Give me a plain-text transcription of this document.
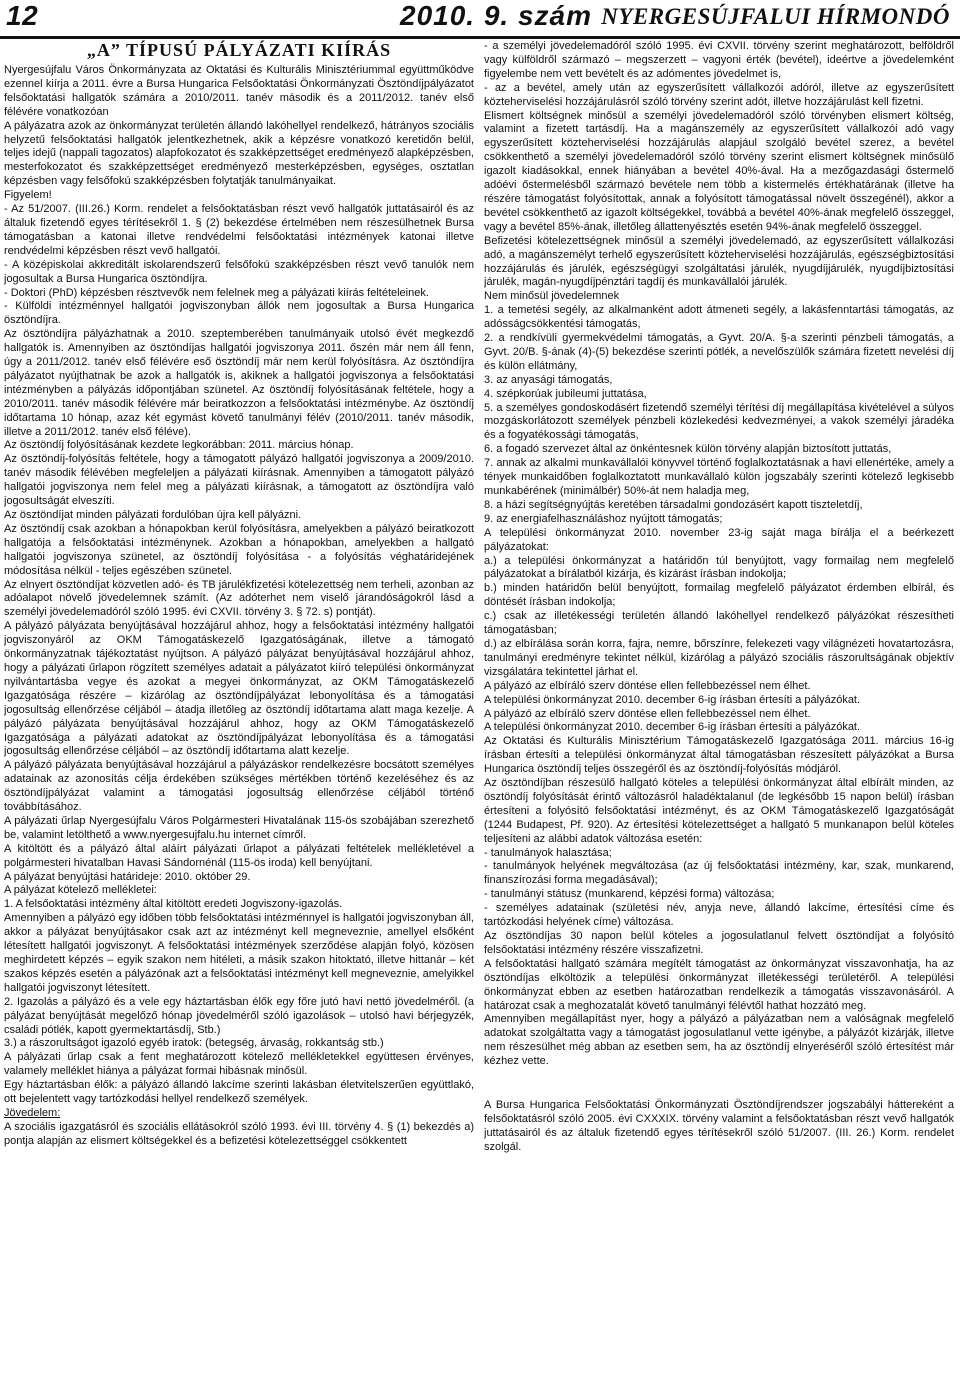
12	2010. 9. szám NYERGESÚJFALUI HÍRMONDÓ
„A” TÍPUSÚ PÁLYÁZATI KIÍRÁS

Nyergesújfalu Város Önkormányzata az Oktatási és Kulturális Minisztériummal együttműködve ezennel kiírja a 2011. évre a Bursa Hungarica Felsőoktatási Önkormányzati Ösztöndíjpályázatot felsőoktatási hallgatók számára a 2010/2011. tanév második és a 2011/2012. tanév első félévére vonatkozóan

A pályázatra azok az önkormányzat területén állandó lakóhellyel rendelkező, hátrányos szociális helyzetű felsőoktatási hallgatók jelentkezhetnek, akik a képzésre vonatkozó keretidőn belül, teljes idejű (nappali tagozatos) alapfokozatot és szakképzettséget eredményező alapképzésben, mesterfokozatot és szakképzettséget eredményező mesterképzésben, egységes, osztatlan képzésben vagy felsőfokú szakképzésben folytatják tanulmányaikat.

Figyelem!

- Az 51/2007. (III.26.) Korm. rendelet a felsőoktatásban részt vevő hallgatók juttatásairól és az általuk fizetendő egyes térítésekről 1. § (2) bekezdése értelmében nem részesülhetnek Bursa támogatásban a katonai illetve rendvédelmi felsőoktatási intézmények katonai illetve rendvédelmi képzésben részt vevő hallgatói.

- A középiskolai akkreditált iskolarendszerű felsőfokú szakképzésben részt vevő tanulók nem jogosultak a Bursa Hungarica ösztöndíjra.

- Doktori (PhD) képzésben résztvevők nem felelnek meg a pályázati kiírás feltételeinek.

- Külföldi intézménnyel hallgatói jogviszonyban állók nem jogosultak a Bursa Hungarica ösztöndíjra.

Az ösztöndíjra pályázhatnak a 2010. szeptemberében tanulmányaik utolsó évét megkezdő hallgatók is. Amennyiben az ösztöndíjas hallgatói jogviszonya 2011. őszén már nem áll fenn, úgy a 2011/2012. tanév első félévére eső ösztöndíj már nem kerül folyósításra. Az ösztöndíjra pályázatot nyújthatnak be azok a hallgatók is, akiknek a hallgatói jogviszonya a felsőoktatási intézményben a pályázás időpontjában szünetel. Az ösztöndíj folyósításának feltétele, hogy a 2010/2011. tanév második félévére már beiratkozzon a felsőoktatási intézménybe. Az ösztöndíj időtartama 10 hónap, azaz két egymást követő tanulmányi félév (2010/2011. tanév második, illetve a 2011/2012. tanév első féléve).

Az ösztöndíj folyósításának kezdete legkorábban: 2011. március hónap.

Az ösztöndíj-folyósítás feltétele, hogy a támogatott pályázó hallgatói jogviszonya a 2009/2010. tanév második félévében megfeleljen a pályázati kiírásnak. Amennyiben a támogatott pályázó hallgatói jogviszonya nem felel meg a pályázati kiírásnak, a támogatott az ösztöndíjra való jogosultságát elveszíti.

Az ösztöndíjat minden pályázati fordulóban újra kell pályázni.

Az ösztöndíj csak azokban a hónapokban kerül folyósításra, amelyekben a pályázó beiratkozott hallgatója a felsőoktatási intézménynek. Azokban a hónapokban, amelyekben a hallgató hallgatói jogviszonya szünetel, az ösztöndíj folyósítása - a folyósítás véghatáridejének módosítása nélkül - teljes egészében szünetel.

Az elnyert ösztöndíjat közvetlen adó- és TB járulékfizetési kötelezettség nem terheli, azonban az adóalapot növelő jövedelemnek számít. (Az adóterhet nem viselő járandóságokról lásd a személyi jövedelemadóról szóló 1995. évi CXVII. törvény 3. § 72. s) pontját).

A pályázó pályázata benyújtásával hozzájárul ahhoz, hogy a felsőoktatási intézmény hallgatói jogviszonyáról az OKM Támogatáskezelő Igazgatóságának, illetve a támogató önkormányzatnak tájékoztatást nyújtson. A pályázó pályázat benyújtásával hozzájárul ahhoz, hogy a pályázati űrlapon rögzített személyes adatait a pályázatot kiíró települési önkormányzat nyilvántartásba vegye és azokat a megyei önkormányzat, az OKM Támogatáskezelő Igazgatósága részére – kizárólag az ösztöndíjpályázat lebonyolítása és a támogatási jogosultság ellenőrzése céljából – átadja illetőleg az ösztöndíj időtartama alatt maga kezelje. A pályázó pályázata benyújtásával hozzájárul ahhoz, hogy az OKM Támogatáskezelő Igazgatósága a pályázati adatokat az ösztöndíjpályázat lebonyolítása és a támogatási jogosultság ellenőrzése céljából – az ösztöndíj időtartama alatt kezelje.

A pályázó pályázata benyújtásával hozzájárul a pályázáskor rendelkezésre bocsátott személyes adatainak az azonosítás célja érdekében szükséges mértékben történő kezeléséhez és az ösztöndíjpályázat valamint a támogatási jogosultság ellenőrzése céljából történő továbbításához.

A pályázati űrlap Nyergesújfalu Város Polgármesteri Hivatalának 115-ös szobájában szerezhető be, valamint letölthető a www.nyergesujfalu.hu internet címről.

A kitöltött és a pályázó által aláírt pályázati űrlapot a pályázati feltételek mellékletével a polgármesteri hivatalban Havasi Sándornénál (115-ös iroda) kell benyújtani.

A pályázat benyújtási határideje: 2010. október 29.

A pályázat kötelező mellékletei:

1. A felsőoktatási intézmény által kitöltött eredeti Jogviszony-igazolás.

Amennyiben a pályázó egy időben több felsőoktatási intézménnyel is hallgatói jogviszonyban áll, akkor a pályázat benyújtásakor csak azt az intézményt kell megneveznie, amellyel elsőként létesített hallgatói jogviszonyt. A felsőoktatási intézmények szerződése alapján folyó, közösen meghirdetett képzés – egyik szakon nem hitéleti, a másik szakon hitoktató, illetve hittanár – két szakos képzés esetén a pályázónak azt a felsőoktatási intézményt kell megneveznie, amelyikkel hallgatói jogviszonyt létesített.

2. Igazolás a pályázó és a vele egy háztartásban élők egy főre jutó havi nettó jövedelméről. (a pályázat benyújtását megelőző hónap jövedelméről szóló igazolások – utolsó havi bérjegyzék, családi pótlék, kapott gyermektartásdíj, Stb.)

3.) a rászorultságot igazoló egyéb iratok: (betegség, árvaság, rokkantság stb.)

A pályázati űrlap csak a fent meghatározott kötelező mellékletekkel együttesen érvényes, valamely melléklet hiánya a pályázat formai hibásnak minősül.

Egy háztartásban élők: a pályázó állandó lakcíme szerinti lakásban életvitelszerűen együttlakó, ott bejelentett vagy tartózkodási hellyel rendelkező személyek.

Jövedelem:

A szociális igazgatásról és szociális ellátásokról szóló 1993. évi III. törvény 4. § (1) bekezdés a) pontja alapján az elismert költségekkel és a befizetési kötelezettséggel csökkentett

- a személyi jövedelemadóról szóló 1995. évi CXVII. törvény szerint meghatározott, belföldről vagy külföldről származó – megszerzett – vagyoni érték (bevétel), ideértve a jövedelemként figyelembe nem vett bevételt és az adómentes jövedelmet is,

- az a bevétel, amely után az egyszerűsített vállalkozói adóról, illetve az egyszerűsített közteherviselési hozzájárulásról szóló törvény szerint adót, illetve hozzájárulást kell fizetni.

Elismert költségnek minősül a személyi jövedelemadóról szóló törvényben elismert költség, valamint a fizetett tartásdíj. Ha a magánszemély az egyszerűsített vállalkozói adó vagy egyszerűsített közteherviselési hozzájárulás alapjául szolgáló bevétel szerez, a bevétel csökkenthető a személyi jövedelemadóról szóló törvény szerint elismert költségnek minősülő igazolt kiadásokkal, ennek hiányában a bevétel 40%-ával. Ha a mezőgazdasági őstermelő adóévi őstermelésből származó bevétele nem több a kistermelés értékhatárának (illetve ha részére támogatást folyósítottak, annak a folyósított támogatással növelt összegénél), akkor a bevétel csökkenthető az igazolt költségekkel, továbbá a bevétel 40%-ának megfelelő összeggel, vagy a bevétel 85%-ának, illetőleg állattenyésztés esetén 94%-ának megfelelő összeggel.

Befizetési kötelezettségnek minősül a személyi jövedelemadó, az egyszerűsített vállalkozási adó, a magánszemélyt terhelő egyszerűsített közteherviselési hozzájárulás, egészségbiztosítási hozzájárulás és járulék, egészségügyi szolgáltatási járulék, nyugdíjjárulék, nyugdíjbiztosítási járulék, magán-nyugdíjpénztári tagdíj és munkavállalói járulék.

Nem minősül jövedelemnek

1. a temetési segély, az alkalmanként adott átmeneti segély, a lakásfenntartási támogatás, az adósságcsökkentési támogatás,

2. a rendkívüli gyermekvédelmi támogatás, a Gyvt. 20/A. §-a szerinti pénzbeli támogatás, a Gyvt. 20/B. §-ának (4)-(5) bekezdése szerinti pótlék, a nevelőszülők számára fizetett nevelési díj és külön ellátmány,

3. az anyasági támogatás,

4. szépkorúak jubileumi juttatása,

5. a személyes gondoskodásért fizetendő személyi térítési díj megállapítása kivételével a súlyos mozgáskorlátozott személyek pénzbeli közlekedési kedvezményei, a vakok személyi járadéka és a fogyatékossági támogatás,

6. a fogadó szervezet által az önkéntesnek külön törvény alapján biztosított juttatás,

7. annak az alkalmi munkavállalói könyvvel történő foglalkoztatásnak a havi ellenértéke, amely a tények munkaidőben foglalkoztatott munkavállaló külön jogszabály szerinti kötelező legkisebb munkabérének (minimálbér) 50%-át nem haladja meg,

8. a házi segítségnyújtás keretében társadalmi gondozásért kapott tiszteletdíj,

9. az energiafelhasználáshoz nyújtott támogatás;

A települési önkormányzat 2010. november 23-ig saját maga bírálja el a beérkezett pályázatokat:

a.) a települési önkormányzat a határidőn túl benyújtott, vagy formailag nem megfelelő pályázatokat a bírálatból kizárja, és kizárást írásban indokolja;

b.) minden határidőn belül benyújtott, formailag megfelelő pályázatot érdemben elbírál, és döntését írásban indokolja;

c.) csak az illetékességi területén állandó lakóhellyel rendelkező pályázókat részesítheti támogatásban;

d.) az elbírálása során korra, fajra, nemre, bőrszínre, felekezeti vagy világnézeti hovatartozásra, tanulmányi eredményre tekintet nélkül, kizárólag a pályázó szociális rászorultságának objektív vizsgálatára tekintettel járhat el.

A pályázó az elbíráló szerv döntése ellen fellebbezéssel nem élhet.

A települési önkormányzat 2010. december 6-ig írásban értesíti a pályázókat.

A pályázó az elbíráló szerv döntése ellen fellebbezéssel nem élhet.

A települési önkormányzat 2010. december 6-ig írásban értesíti a pályázókat.

Az Oktatási és Kulturális Minisztérium Támogatáskezelő Igazgatósága 2011. március 16-ig írásban értesíti a települési önkormányzat által támogatásban részesített pályázókat a Bursa Hungarica ösztöndíj teljes összegéről és az ösztöndíj-folyósítás módjáról.

Az ösztöndíjban részesülő hallgató köteles a települési önkormányzat által elbírált minden, az ösztöndíj folyósítását érintő változásról haladéktalanul (de legkésőbb 15 napon belül) írásban értesíteni a folyósító felsőoktatási intézményt, és az OKM Támogatáskezelő Igazgatóságát (1244 Budapest, Pf. 920). Az értesítési kötelezettséget a hallgató 5 munkanapon belül köteles teljesíteni az alábbi adatok változása esetén:

- tanulmányok halasztása;

- tanulmányok helyének megváltozása (az új felsőoktatási intézmény, kar, szak, munkarend, finanszírozási forma megadásával);

- tanulmányi státusz (munkarend, képzési forma) változása;

- személyes adatainak (születési név, anyja neve, állandó lakcíme, értesítési címe és tartózkodási helyének címe) változása.

Az ösztöndíjas 30 napon belül köteles a jogosulatlanul felvett ösztöndíjat a folyósító felsőoktatási intézmény részére visszafizetni.

A felsőoktatási hallgató számára megítélt támogatást az önkormányzat visszavonhatja, ha az ösztöndíjas elköltözik a települési önkormányzat illetékességi területéről. A települési önkormányzat ebben az esetben határozatban rendelkezik a támogatás visszavonásáról. A határozat csak a meghozatalát követő tanulmányi félévtől hathat hozzátó meg.

Amennyiben megállapítást nyer, hogy a pályázó a pályázatban nem a valóságnak megfelelő adatokat szolgáltatta vagy a támogatást jogosulatlanul vette igénybe, a pályázót kizárják, illetve nem részesülhet még abban az esetben sem, ha az ösztöndíj elnyeréséről szóló értesítést már kézhez vette.

A Bursa Hungarica Felsőoktatási Önkormányzati Ösztöndíjrendszer jogszabályi háttereként a felsőoktatásról szóló 2005. évi CXXXIX. törvény valamint a felsőoktatásban részt vevő hallgatók juttatásairól és az általuk fizetendő egyes térítésekről szóló 51/2007. (III. 26.) Korm. rendelet szolgál.
